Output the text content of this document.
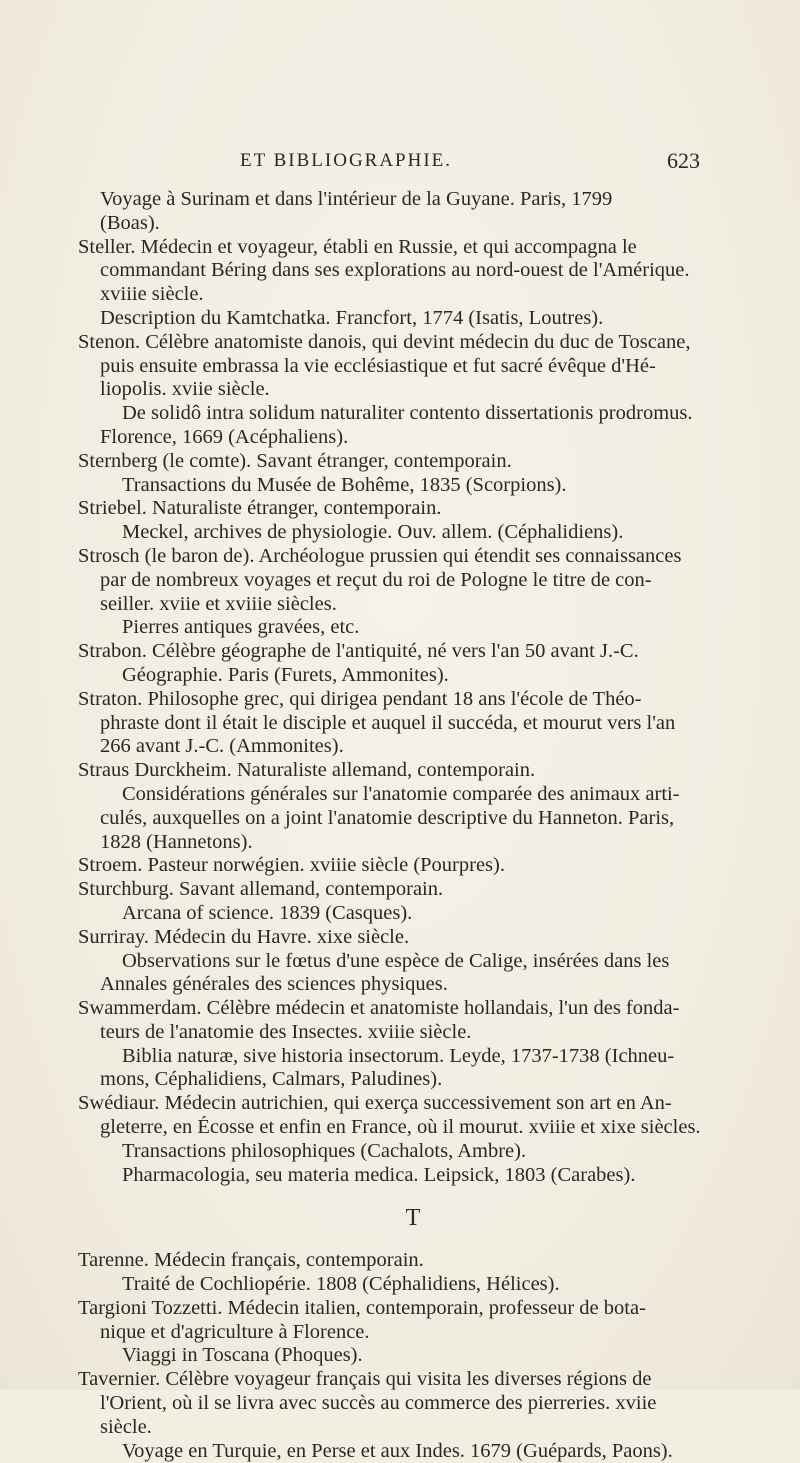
ET BIBLIOGRAPHIE.	623
Voyage à Surinam et dans l'intérieur de la Guyane. Paris, 1799
(Boas).
Steller. Médecin et voyageur, établi en Russie, et qui accompagna le
commandant Béring dans ses explorations au nord-ouest de l'Amérique.
xviiie siècle.
Description du Kamtchatka. Francfort, 1774 (Isatis, Loutres).
Stenon. Célèbre anatomiste danois, qui devint médecin du duc de Toscane,
puis ensuite embrassa la vie ecclésiastique et fut sacré évêque d'Hé-
liopolis. xviie siècle.
De solidô intra solidum naturaliter contento dissertationis prodromus.
Florence, 1669 (Acéphaliens).
Sternberg (le comte). Savant étranger, contemporain.
Transactions du Musée de Bohême, 1835 (Scorpions).
Striebel. Naturaliste étranger, contemporain.
Meckel, archives de physiologie. Ouv. allem. (Céphalidiens).
Strosch (le baron de). Archéologue prussien qui étendit ses connaissances
par de nombreux voyages et reçut du roi de Pologne le titre de con-
seiller. xviie et xviiie siècles.
Pierres antiques gravées, etc.
Strabon. Célèbre géographe de l'antiquité, né vers l'an 50 avant J.-C.
Géographie. Paris (Furets, Ammonites).
Straton. Philosophe grec, qui dirigea pendant 18 ans l'école de Théo-
phraste dont il était le disciple et auquel il succéda, et mourut vers l'an
266 avant J.-C. (Ammonites).
Straus Durckheim. Naturaliste allemand, contemporain.
Considérations générales sur l'anatomie comparée des animaux arti-
culés, auxquelles on a joint l'anatomie descriptive du Hanneton. Paris,
1828 (Hannetons).
Stroem. Pasteur norwégien. xviiie siècle (Pourpres).
Sturchburg. Savant allemand, contemporain.
Arcana of science. 1839 (Casques).
Surriray. Médecin du Havre. xixe siècle.
Observations sur le fœtus d'une espèce de Calige, insérées dans les
Annales générales des sciences physiques.
Swammerdam. Célèbre médecin et anatomiste hollandais, l'un des fonda-
teurs de l'anatomie des Insectes. xviiie siècle.
Biblia naturæ, sive historia insectorum. Leyde, 1737-1738 (Ichneu-
mons, Céphalidiens, Calmars, Paludines).
Swédiaur. Médecin autrichien, qui exerça successivement son art en An-
gleterre, en Écosse et enfin en France, où il mourut. xviiie et xixe siècles.
Transactions philosophiques (Cachalots, Ambre).
Pharmacologia, seu materia medica. Leipsick, 1803 (Carabes).
T
Tarenne. Médecin français, contemporain.
Traité de Cochliopérie. 1808 (Céphalidiens, Hélices).
Targioni Tozzetti. Médecin italien, contemporain, professeur de bota-
nique et d'agriculture à Florence.
Viaggi in Toscana (Phoques).
Tavernier. Célèbre voyageur français qui visita les diverses régions de
l'Orient, où il se livra avec succès au commerce des pierreries. xviie
siècle.
Voyage en Turquie, en Perse et aux Indes. 1679 (Guépards, Paons).
